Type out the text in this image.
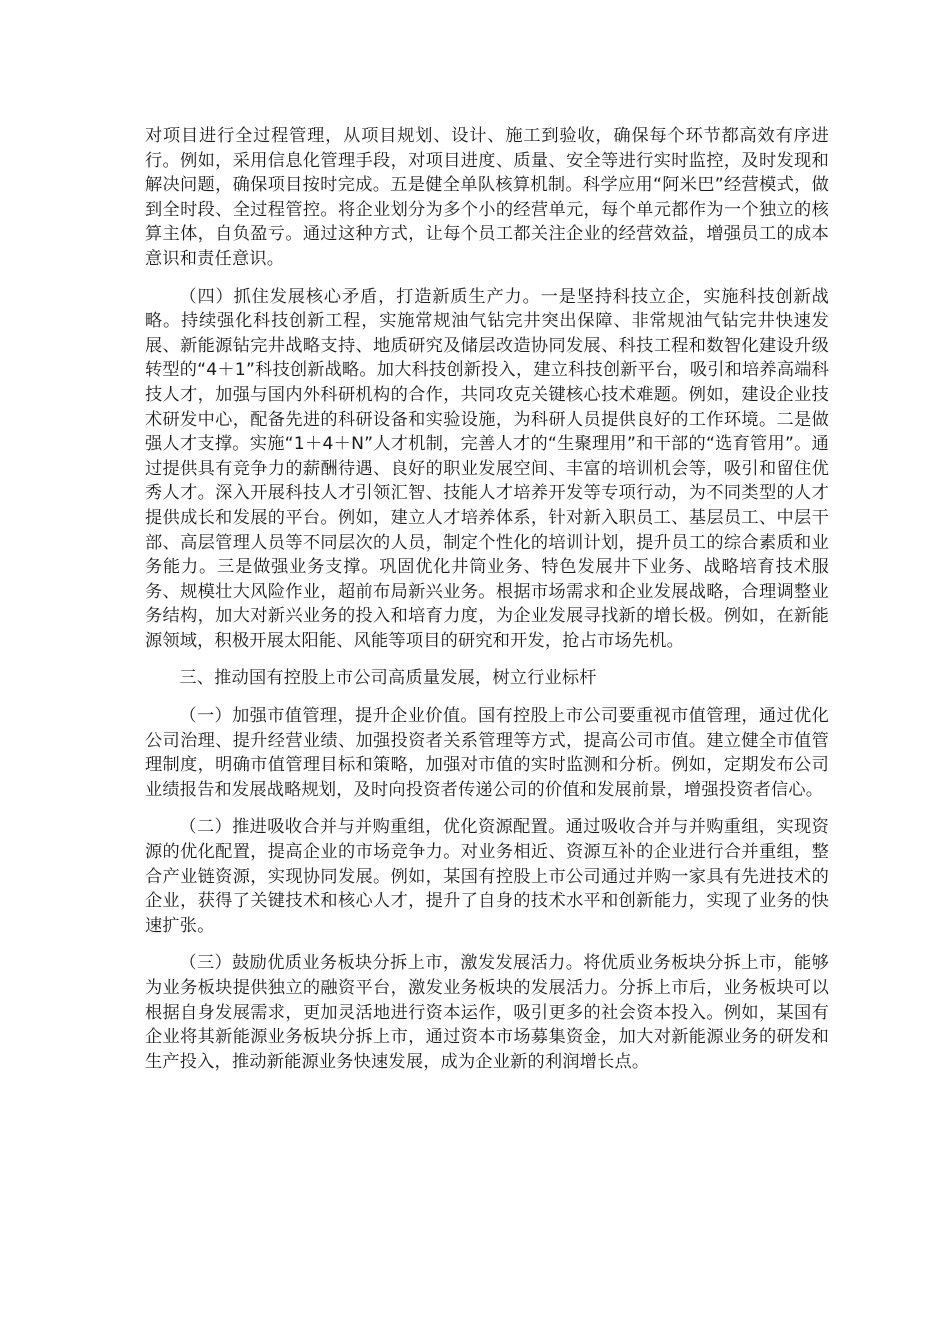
对项目进行全过程管理，从项目规划、设计、施工到验收，确保每个环节都高效有序进行。例如，采用信息化管理手段，对项目进度、质量、安全等进行实时监控，及时发现和解决问题，确保项目按时完成。五是健全单队核算机制。科学应用“阿米巴”经营模式，做到全时段、全过程管控。将企业划分为多个小的经营单元，每个单元都作为一个独立的核算主体，自负盈亏。通过这种方式，让每个员工都关注企业的经营效益，增强员工的成本意识和责任意识。

（四）抓住发展核心矛盾，打造新质生产力。一是坚持科技立企，实施科技创新战略。持续强化科技创新工程，实施常规油气钻完井突出保障、非常规油气钻完井快速发展、新能源钻完井战略支持、地质研究及储层改造协同发展、科技工程和数智化建设升级转型的“4＋1”科技创新战略。加大科技创新投入，建立科技创新平台，吸引和培养高端科技人才，加强与国内外科研机构的合作，共同攻克关键核心技术难题。例如，建设企业技术研发中心，配备先进的科研设备和实验设施，为科研人员提供良好的工作环境。二是做强人才支撑。实施“1＋4＋N”人才机制，完善人才的“生聚理用”和干部的“选育管用”。通过提供具有竞争力的薪酬待遇、良好的职业发展空间、丰富的培训机会等，吸引和留住优秀人才。深入开展科技人才引领汇智、技能人才培养开发等专项行动，为不同类型的人才提供成长和发展的平台。例如，建立人才培养体系，针对新入职员工、基层员工、中层干部、高层管理人员等不同层次的人员，制定个性化的培训计划，提升员工的综合素质和业务能力。三是做强业务支撑。巩固优化井筒业务、特色发展井下业务、战略培育技术服务、规模壮大风险作业，超前布局新兴业务。根据市场需求和企业发展战略，合理调整业务结构，加大对新兴业务的投入和培育力度，为企业发展寻找新的增长极。例如，在新能源领域，积极开展太阳能、风能等项目的研究和开发，抢占市场先机。

三、推动国有控股上市公司高质量发展，树立行业标杆

（一）加强市值管理，提升企业价值。国有控股上市公司要重视市值管理，通过优化公司治理、提升经营业绩、加强投资者关系管理等方式，提高公司市值。建立健全市值管理制度，明确市值管理目标和策略，加强对市值的实时监测和分析。例如，定期发布公司业绩报告和发展战略规划，及时向投资者传递公司的价值和发展前景，增强投资者信心。

（二）推进吸收合并与并购重组，优化资源配置。通过吸收合并与并购重组，实现资源的优化配置，提高企业的市场竞争力。对业务相近、资源互补的企业进行合并重组，整合产业链资源，实现协同发展。例如，某国有控股上市公司通过并购一家具有先进技术的企业，获得了关键技术和核心人才，提升了自身的技术水平和创新能力，实现了业务的快速扩张。

（三）鼓励优质业务板块分拆上市，激发发展活力。将优质业务板块分拆上市，能够为业务板块提供独立的融资平台，激发业务板块的发展活力。分拆上市后，业务板块可以根据自身发展需求，更加灵活地进行资本运作，吸引更多的社会资本投入。例如，某国有企业将其新能源业务板块分拆上市，通过资本市场募集资金，加大对新能源业务的研发和生产投入，推动新能源业务快速发展，成为企业新的利润增长点。
